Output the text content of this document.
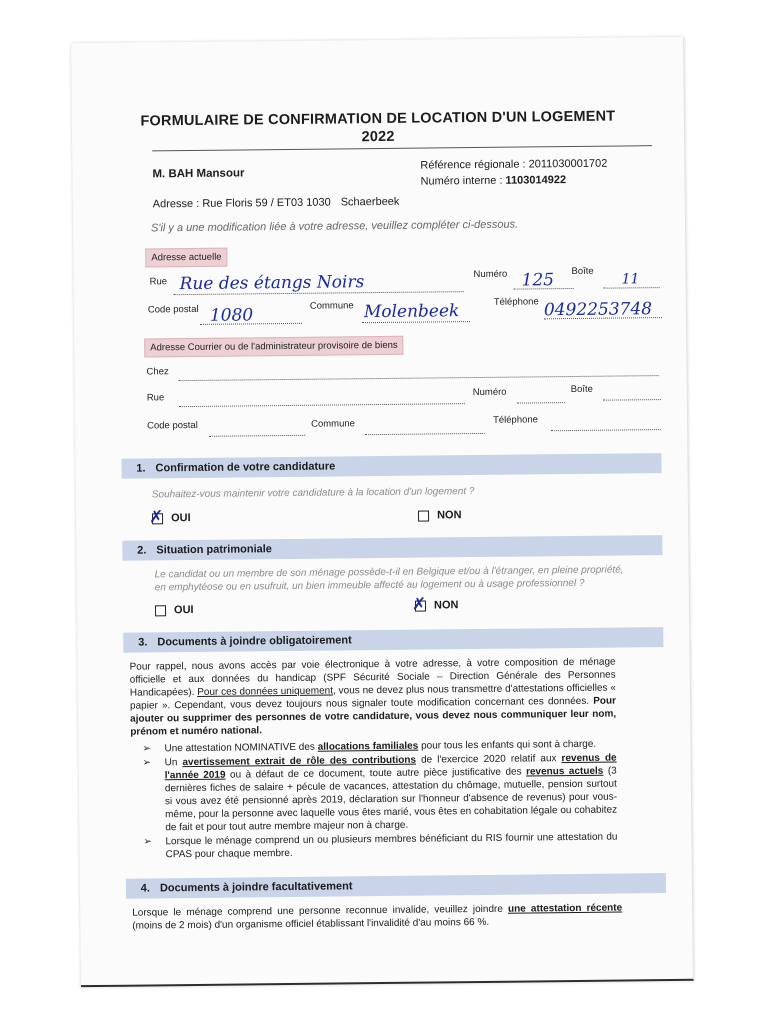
FORMULAIRE DE CONFIRMATION DE LOCATION D'UN LOGEMENT
2022
M. BAH Mansour
Référence régionale : 2011030001702
Numéro interne : 1103014922
Adresse : Rue Floris 59 / ET03 1030 Schaerbeek
S'il y a une modification liée à votre adresse, veuillez compléter ci-dessous.
Adresse actuelle
Rue Rue des étangs Noirs	Numéro 125 Boîte 11
Code postal 1080	Commune Molenbeek	Téléphone 0492253748
Adresse Courrier ou de l'administrateur provisoire de biens
Chez
Rue	Numéro	Boîte
Code postal	Commune	Téléphone
1. Confirmation de votre candidature
Souhaitez-vous maintenir votre candidature à la location d'un logement ?
✗ OUI	NON
2. Situation patrimoniale
Le candidat ou un membre de son ménage possède-t-il en Belgique et/ou à l'étranger, en pleine propriété,
en emphytéose ou en usufruit, un bien immeuble affecté au logement ou à usage professionnel ?
OUI	✗ NON
3. Documents à joindre obligatoirement
Pour rappel, nous avons accès par voie électronique à votre adresse, à votre composition de ménage officielle et aux données du handicap (SPF Sécurité Sociale – Direction Générale des Personnes Handicapées). Pour ces données uniquement, vous ne devez plus nous transmettre d'attestations officielles « papier ». Cependant, vous devez toujours nous signaler toute modification concernant ces données. Pour ajouter ou supprimer des personnes de votre candidature, vous devez nous communiquer leur nom, prénom et numéro national.
➢	Une attestation NOMINATIVE des allocations familiales pour tous les enfants qui sont à charge.
➢	Un avertissement extrait de rôle des contributions de l'exercice 2020 relatif aux revenus de l'année 2019 ou à défaut de ce document, toute autre pièce justificative des revenus actuels (3 dernières fiches de salaire + pécule de vacances, attestation du chômage, mutuelle, pension surtout si vous avez été pensionné après 2019, déclaration sur l'honneur d'absence de revenus) pour vous-même, pour la personne avec laquelle vous êtes marié, vous êtes en cohabitation légale ou cohabitez de fait et pour tout autre membre majeur non à charge.
➢	Lorsque le ménage comprend un ou plusieurs membres bénéficiant du RIS fournir une attestation du CPAS pour chaque membre.
4. Documents à joindre facultativement
Lorsque le ménage comprend une personne reconnue invalide, veuillez joindre une attestation récente (moins de 2 mois) d'un organisme officiel établissant l'invalidité d'au moins 66 %.
